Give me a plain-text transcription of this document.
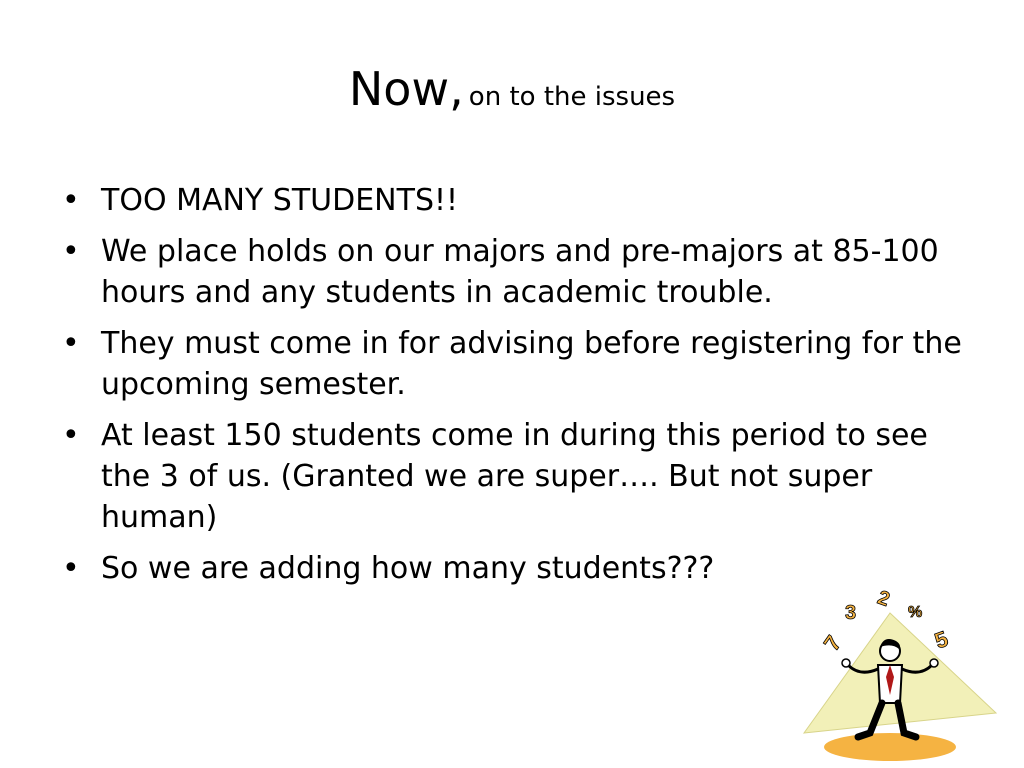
Now, on to the issues
• TOO MANY STUDENTS!!
• We place holds on our majors and pre-majors at 85-100 hours and any students in academic trouble.
• They must come in for advising before registering for the upcoming semester.
• At least 150 students come in during this period to see the 3 of us. (Granted we are super…. But not super human)
• So we are adding how many students???
7
3
2
%
5
